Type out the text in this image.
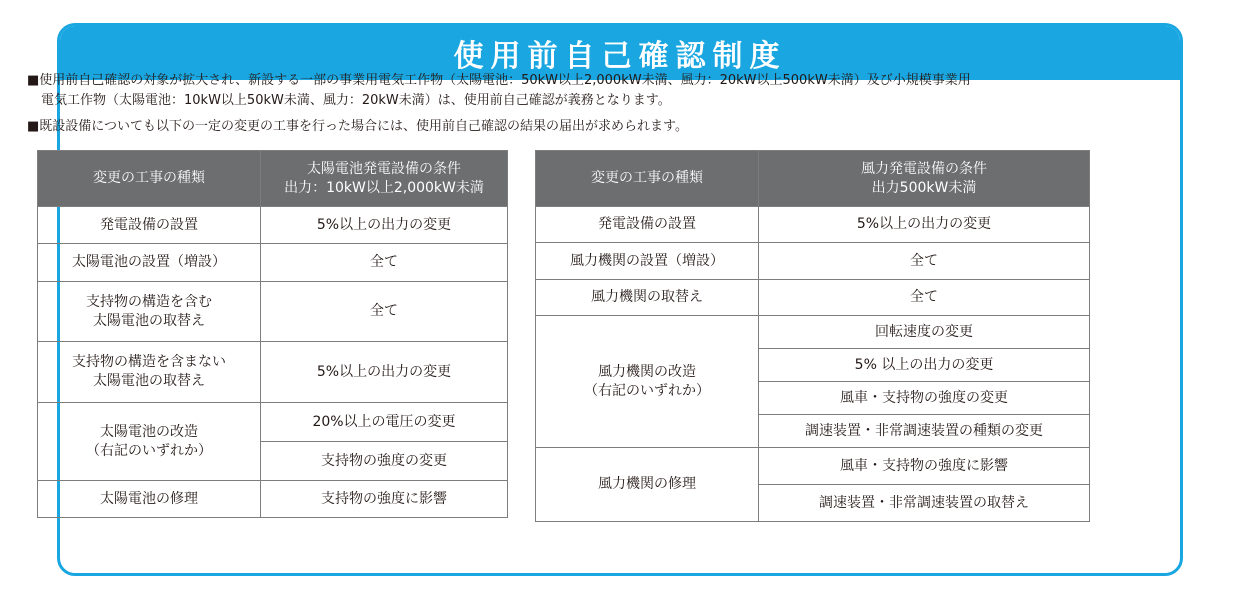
使用前自己確認制度
■使用前自己確認の対象が拡大され、新設する一部の事業用電気工作物（太陽電池：50kW以上2,000kW未満、風力：20kW以上500kW未満）及び小規模事業用
電気工作物（太陽電池：10kW以上50kW未満、風力：20kW未満）は、使用前自己確認が義務となります。
■既設設備についても以下の一定の変更の工事を行った場合には、使用前自己確認の結果の届出が求められます。
変更の工事の種類	太陽電池発電設備の条件
出力：10kW以上2,000kW未満

発電設備の設置	5%以上の出力の変更
太陽電池の設置（増設）	全て

支持物の構造を含む
太陽電池の取替え	全て

支持物の構造を含まない
太陽電池の取替え	5%以上の出力の変更

太陽電池の改造
（右記のいずれか）	20%以上の電圧の変更
	支持物の強度の変更
太陽電池の修理	支持物の強度に影響
変更の工事の種類	風力発電設備の条件
出力500kW未満

発電設備の設置	5%以上の出力の変更
風力機関の設置（増設）	全て
風力機関の取替え	全て

風力機関の改造
（右記のいずれか）	回転速度の変更
	5% 以上の出力の変更
	風車・支持物の強度の変更
	調速装置・非常調速装置の種類の変更
風力機関の修理	風車・支持物の強度に影響
	調速装置・非常調速装置の取替え
